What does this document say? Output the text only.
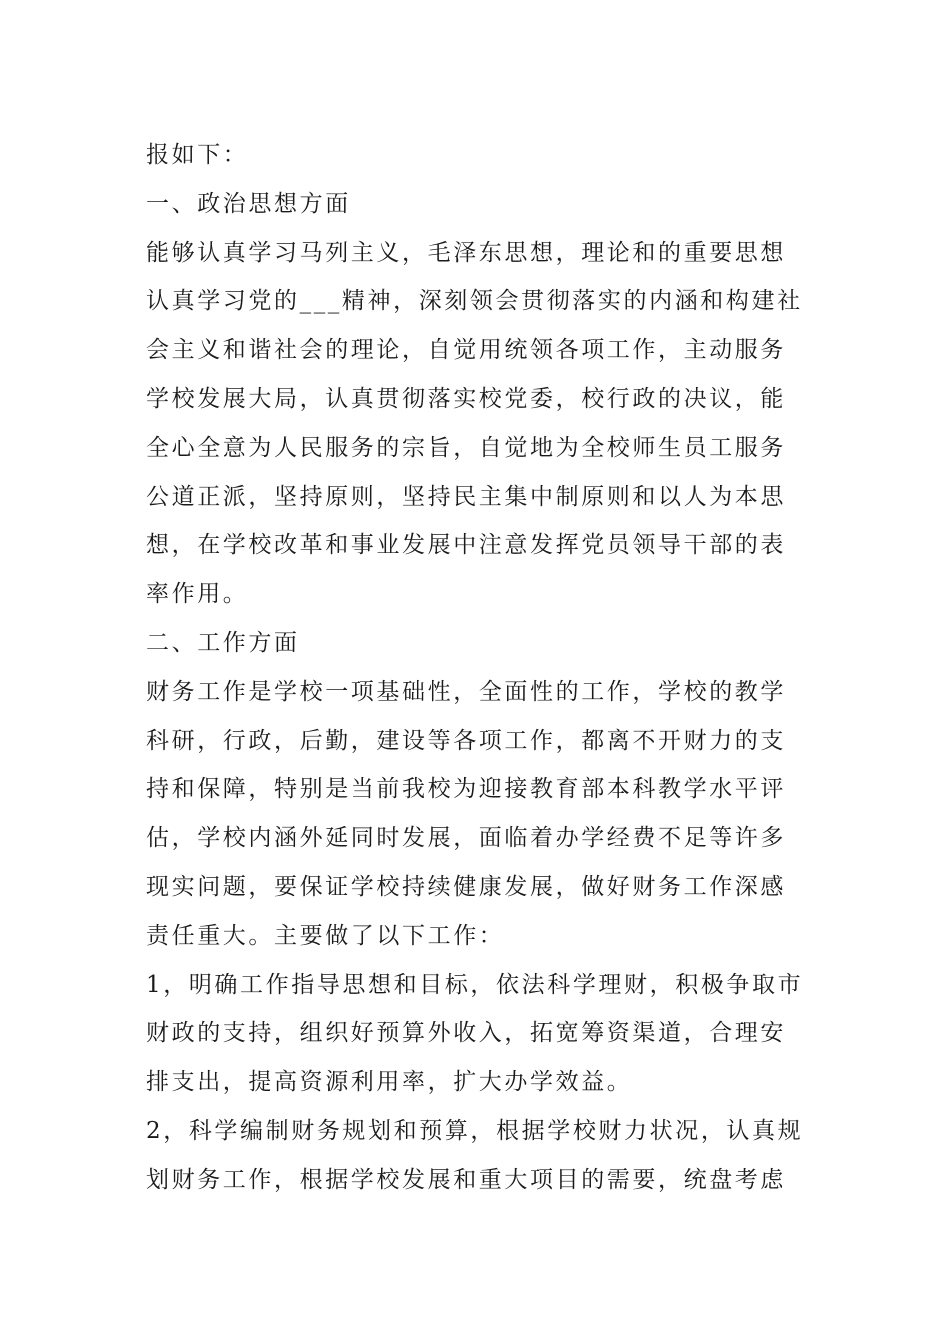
报如下：
一、政治思想方面
能够认真学习马列主义，毛泽东思想，理论和的重要思想
认真学习党的___精神，深刻领会贯彻落实的内涵和构建社
会主义和谐社会的理论，自觉用统领各项工作，主动服务
学校发展大局，认真贯彻落实校党委，校行政的决议，能
全心全意为人民服务的宗旨，自觉地为全校师生员工服务
公道正派，坚持原则，坚持民主集中制原则和以人为本思
想，在学校改革和事业发展中注意发挥党员领导干部的表
率作用。
二、工作方面
财务工作是学校一项基础性，全面性的工作，学校的教学
科研，行政，后勤，建设等各项工作，都离不开财力的支
持和保障，特别是当前我校为迎接教育部本科教学水平评
估，学校内涵外延同时发展，面临着办学经费不足等许多
现实问题，要保证学校持续健康发展，做好财务工作深感
责任重大。主要做了以下工作：
1，明确工作指导思想和目标，依法科学理财，积极争取市
财政的支持，组织好预算外收入，拓宽筹资渠道，合理安
排支出，提高资源利用率，扩大办学效益。
2，科学编制财务规划和预算，根据学校财力状况，认真规
划财务工作，根据学校发展和重大项目的需要，统盘考虑
